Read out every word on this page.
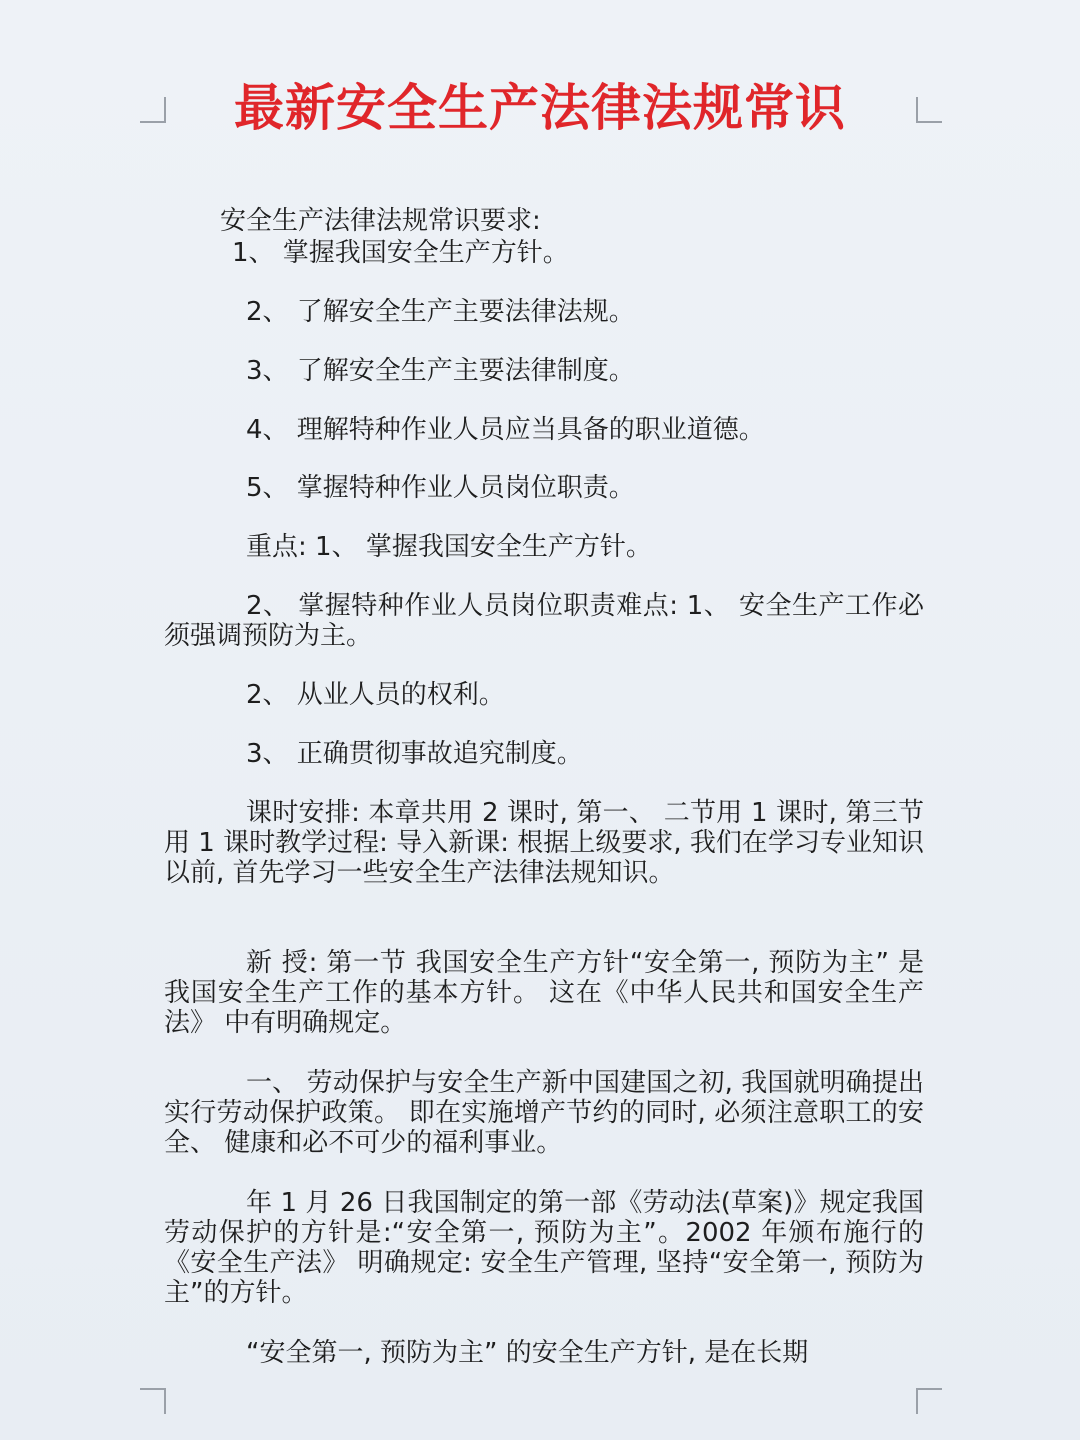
最新安全生产法律法规常识

安全生产法律法规常识要求:

1、 掌握我国安全生产方针。

2、 了解安全生产主要法律法规。

3、 了解安全生产主要法律制度。

4、 理解特种作业人员应当具备的职业道德。

5、 掌握特种作业人员岗位职责。

重点: 1、 掌握我国安全生产方针。

2、 掌握特种作业人员岗位职责难点: 1、 安全生产工作必须强调预防为主。

2、 从业人员的权利。

3、 正确贯彻事故追究制度。

课时安排: 本章共用 2 课时, 第一、 二节用 1 课时, 第三节用 1 课时教学过程: 导入新课: 根据上级要求, 我们在学习专业知识以前, 首先学习一些安全生产法律法规知识。

新 授: 第一节 我国安全生产方针“安全第一, 预防为主” 是我国安全生产工作的基本方针。 这在《中华人民共和国安全生产法》 中有明确规定。

一、 劳动保护与安全生产新中国建国之初, 我国就明确提出实行劳动保护政策。 即在实施增产节约的同时, 必须注意职工的安全、 健康和必不可少的福利事业。

年 1 月 26 日我国制定的第一部《劳动法(草案)》规定我国劳动保护的方针是:“安全第一, 预防为主”。2002 年颁布施行的《安全生产法》 明确规定: 安全生产管理, 坚持“安全第一, 预防为主”的方针。

“安全第一, 预防为主” 的安全生产方针, 是在长期
